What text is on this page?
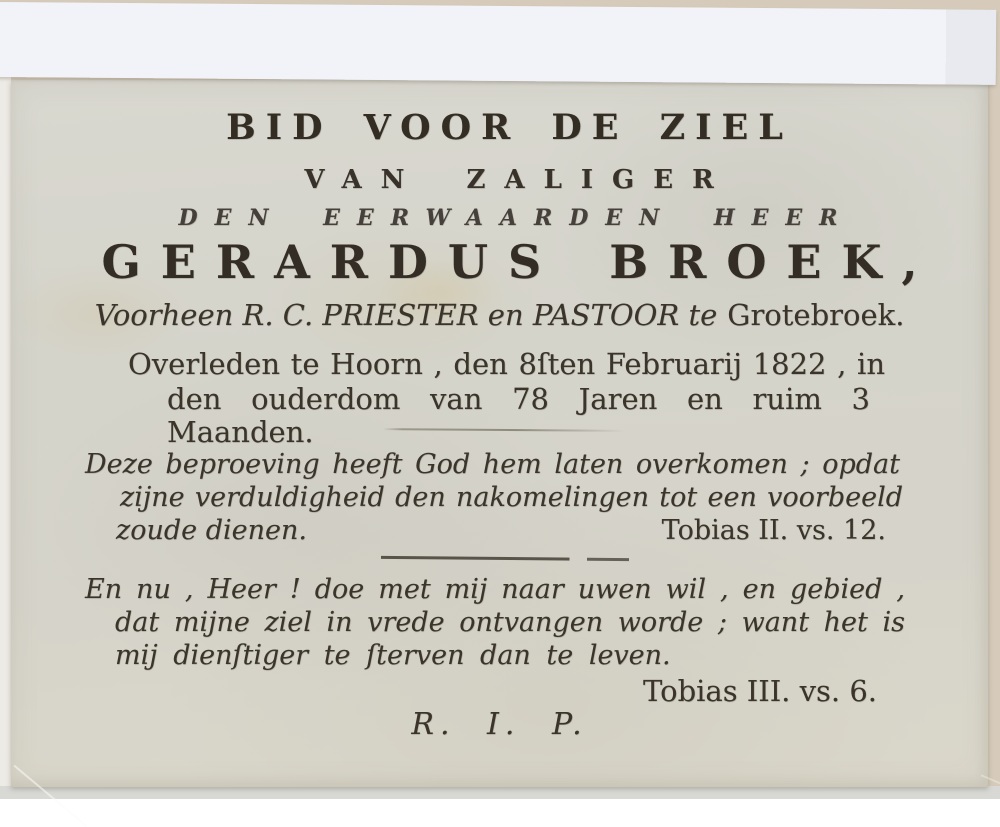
BID VOOR DE ZIEL
VAN ZALIGER
DEN EERWAARDEN HEER
GERARDUS BROEK,
Voorheen R. C. PRIESTER en PASTOOR te Grotebroek.
Overleden te Hoorn , den 8ſten Februarij 1822 , in
den ouderdom van 78 Jaren en ruim 3 Maanden.
Deze beproeving heeft God hem laten overkomen ; opdat
zijne verduldigheid den nakomelingen tot een voorbeeld
zoude dienen.	Tobias II. vs. 12.
En nu , Heer ! doe met mij naar uwen wil , en gebied ,
dat mijne ziel in vrede ontvangen worde ; want het is
mij dienſtiger te ſterven dan te leven.
Tobias III. vs. 6.
R. I. P.
